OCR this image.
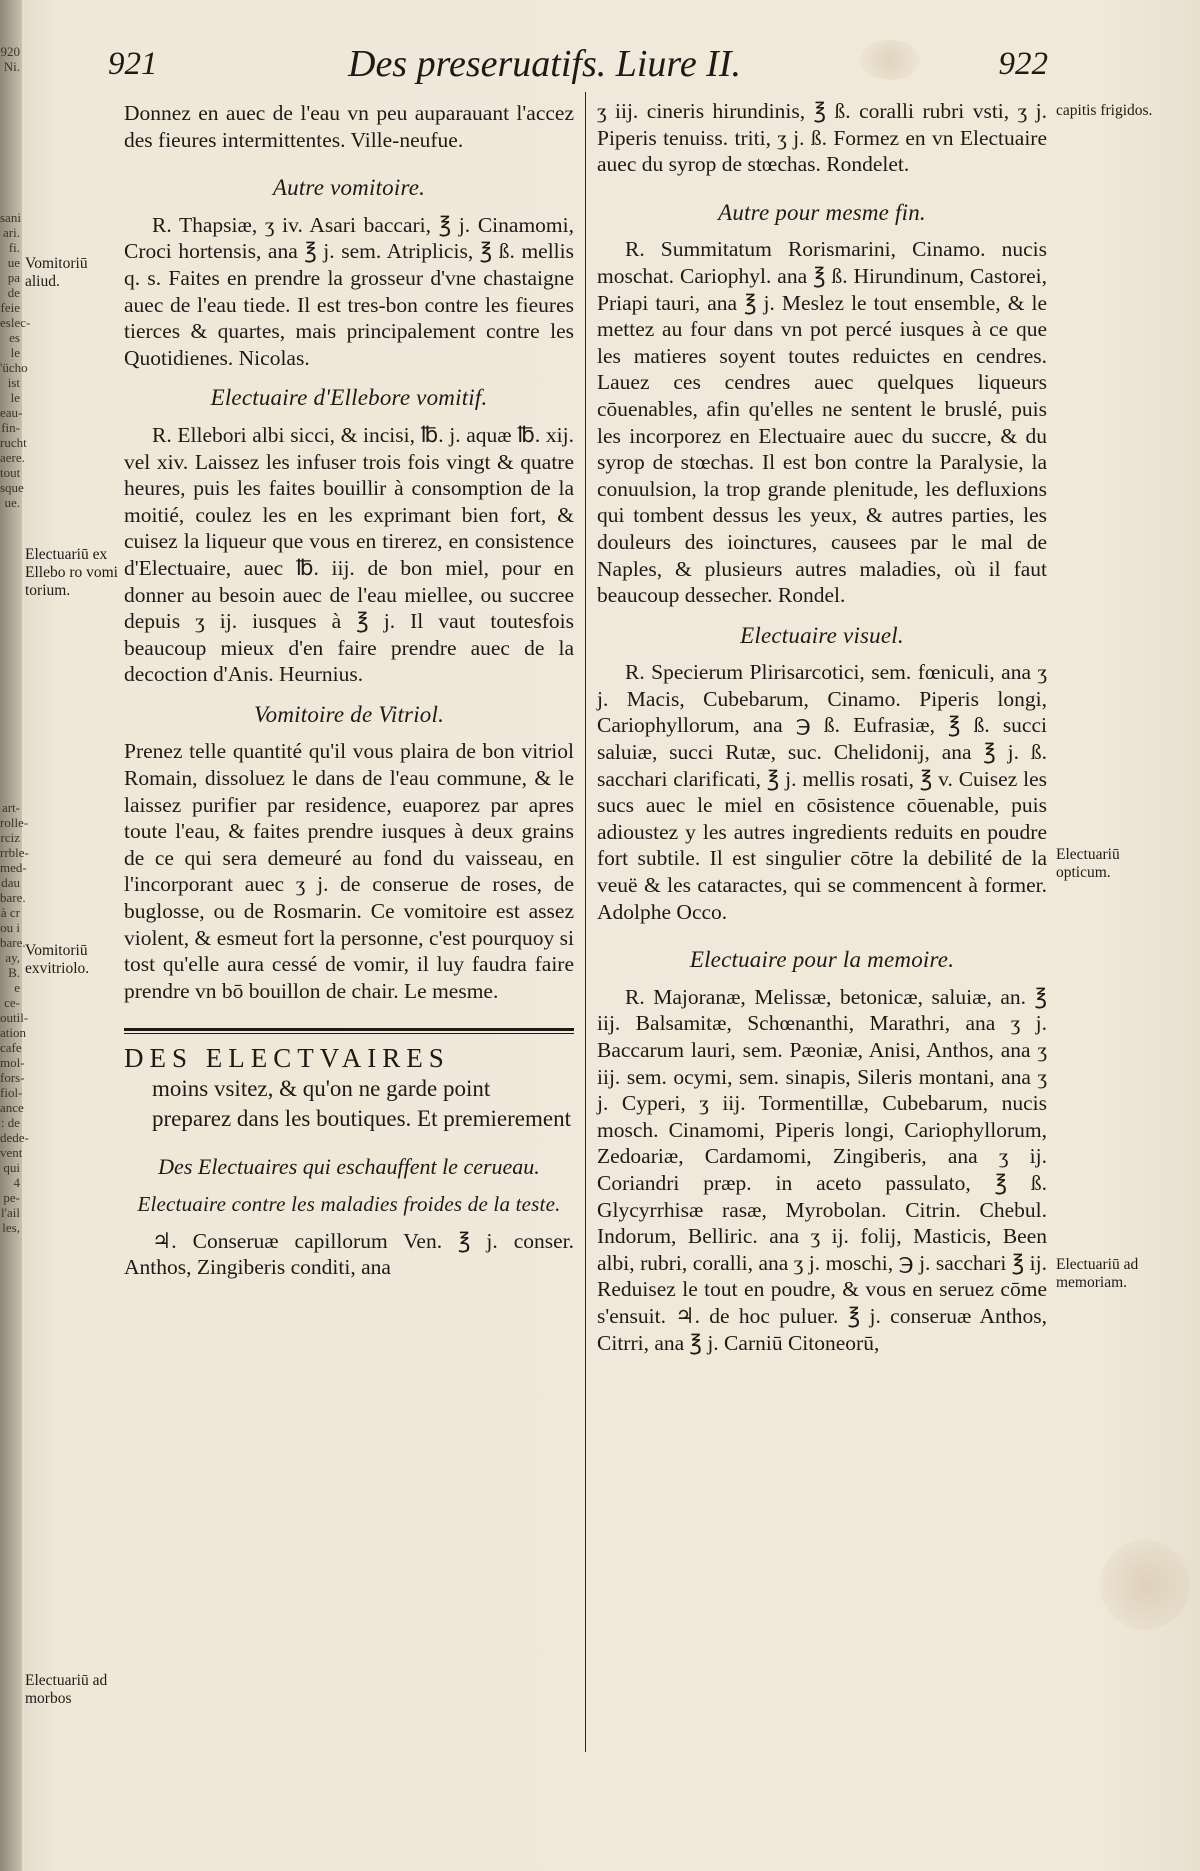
920 Ni.
sani ari. fi. ue pa de feie eslec- es le 'ücho ist le eau- fin- rucht aere. tout sque ue.
art- rolle- rciz rrble- med- dau bare. à cr ou i bare. ay, B. e ce- outil- ation cafe mol- fors- fiol- ance : de dede- vent qui 4 pe- l'ail les,
921	Des preseruatifs. Liure II.	922

Donnez en auec de l'eau vn peu auparauant l'accez des fieures intermittentes. Ville-neufue.

Autre vomitoire.

R. Thapsiæ, ʒ iv. Asari baccari, ℥ j. Cinamomi, Croci hortensis, ana ℥ j. sem. Atriplicis, ℥ ß. mellis q. s. Faites en prendre la grosseur d'vne chastaigne auec de l'eau tiede. Il est tres-bon contre les fieures tierces & quartes, mais principalement contre les Quotidienes. Nicolas.

Electuaire d'Ellebore vomitif.

R. Ellebori albi sicci, & incisi, ℔. j. aquæ ℔. xij. vel xiv. Laissez les infuser trois fois vingt & quatre heures, puis les faites bouillir à consomption de la moitié, coulez les en les exprimant bien fort, & cuisez la liqueur que vous en tirerez, en consistence d'Electuaire, auec ℔. iij. de bon miel, pour en donner au besoin auec de l'eau miellee, ou succree depuis ʒ ij. iusques à ℥ j. Il vaut toutesfois beaucoup mieux d'en faire prendre auec de la decoction d'Anis. Heurnius.

Vomitoire de Vitriol.

Prenez telle quantité qu'il vous plaira de bon vitriol Romain, dissoluez le dans de l'eau commune, & le laissez purifier par residence, euaporez par apres toute l'eau, & faites prendre iusques à deux grains de ce qui sera demeuré au fond du vaisseau, en l'incorporant auec ʒ j. de conserue de roses, de buglosse, ou de Rosmarin. Ce vomitoire est assez violent, & esmeut fort la personne, c'est pourquoy si tost qu'elle aura cessé de vomir, il luy faudra faire prendre vn bō bouillon de chair. Le mesme.

DES ELECTVAIRES
moins vsitez, & qu'on ne garde point preparez dans les boutiques. Et premierement
Des Electuaires qui eschauffent le cerueau.
Electuaire contre les maladies froides de la teste.

♃. Conseruæ capillorum Ven. ℥ j. conser. Anthos, Zingiberis conditi, ana

ʒ iij. cineris hirundinis, ℥ ß. coralli rubri vsti, ʒ j. Piperis tenuiss. triti, ʒ j. ß. Formez en vn Electuaire auec du syrop de stœchas. Rondelet.

Autre pour mesme fin.

R. Summitatum Rorismarini, Cinamo. nucis moschat. Cariophyl. ana ℥ ß. Hirundinum, Castorei, Priapi tauri, ana ℥ j. Meslez le tout ensemble, & le mettez au four dans vn pot percé iusques à ce que les matieres soyent toutes reduictes en cendres. Lauez ces cendres auec quelques liqueurs cōuenables, afin qu'elles ne sentent le bruslé, puis les incorporez en Electuaire auec du succre, & du syrop de stœchas. Il est bon contre la Paralysie, la conuulsion, la trop grande plenitude, les defluxions qui tombent dessus les yeux, & autres parties, les douleurs des ioinctures, causees par le mal de Naples, & plusieurs autres maladies, où il faut beaucoup dessecher. Rondel.

Electuaire visuel.

R. Specierum Plirisarcotici, sem. fœniculi, ana ʒ j. Macis, Cubebarum, Cinamo. Piperis longi, Cariophyllorum, ana ℈ ß. Eufrasiæ, ℥ ß. succi saluiæ, succi Rutæ, suc. Chelidonij, ana ℥ j. ß. sacchari clarificati, ℥ j. mellis rosati, ℥ v. Cuisez les sucs auec le miel en cōsistence cōuenable, puis adioustez y les autres ingredients reduits en poudre fort subtile. Il est singulier cōtre la debilité de la veuë & les cataractes, qui se commencent à former. Adolphe Occo.

Electuaire pour la memoire.

R. Majoranæ, Melissæ, betonicæ, saluiæ, an. ℥ iij. Balsamitæ, Schœnanthi, Marathri, ana ʒ j. Baccarum lauri, sem. Pæoniæ, Anisi, Anthos, ana ʒ iij. sem. ocymi, sem. sinapis, Sileris montani, ana ʒ j. Cyperi, ʒ iij. Tormentillæ, Cubebarum, nucis mosch. Cinamomi, Piperis longi, Cariophyllorum, Zedoariæ, Cardamomi, Zingiberis, ana ʒ ij. Coriandri præp. in aceto passulato, ℥ ß. Glycyrrhisæ rasæ, Myrobolan. Citrin. Chebul. Indorum, Belliric. ana ʒ ij. folij, Masticis, Been albi, rubri, coralli, ana ʒ j. moschi, ℈ j. sacchari ℥ ij. Reduisez le tout en poudre, & vous en seruez cōme s'ensuit. ♃. de hoc puluer. ℥ j. conseruæ Anthos, Citrri, ana ℥ j. Carniū Citoneorū,

Vomitoriū aliud.
Electuariū ex Ellebo ro vomi torium.
Vomitoriū exvitriolo.
Electuariū ad morbos
capitis frigidos.
Electuariū opticum.
Electuariū ad memoriam.
